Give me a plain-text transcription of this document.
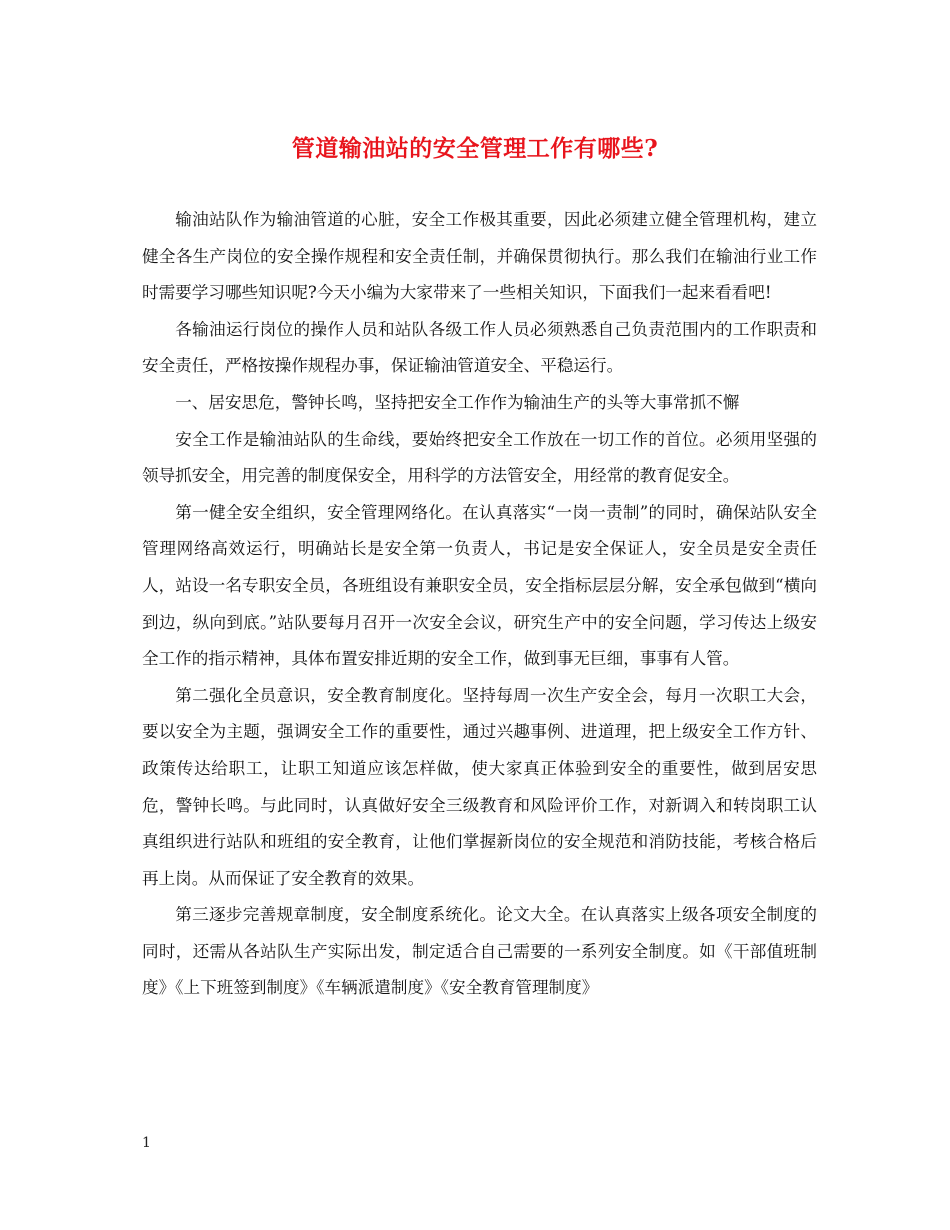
管道输油站的安全管理工作有哪些?

输油站队作为输油管道的心脏，安全工作极其重要，因此必须建立健全管理机构，建立健全各生产岗位的安全操作规程和安全责任制，并确保贯彻执行。那么我们在输油行业工作时需要学习哪些知识呢?今天小编为大家带来了一些相关知识，下面我们一起来看看吧!

各输油运行岗位的操作人员和站队各级工作人员必须熟悉自己负责范围内的工作职责和安全责任，严格按操作规程办事，保证输油管道安全、平稳运行。

一、居安思危，警钟长鸣，坚持把安全工作作为输油生产的头等大事常抓不懈

安全工作是输油站队的生命线，要始终把安全工作放在一切工作的首位。必须用坚强的领导抓安全，用完善的制度保安全，用科学的方法管安全，用经常的教育促安全。

第一健全安全组织，安全管理网络化。在认真落实“一岗一责制”的同时，确保站队安全管理网络高效运行，明确站长是安全第一负责人，书记是安全保证人，安全员是安全责任人，站设一名专职安全员，各班组设有兼职安全员，安全指标层层分解，安全承包做到“横向到边，纵向到底。”站队要每月召开一次安全会议，研究生产中的安全问题，学习传达上级安全工作的指示精神，具体布置安排近期的安全工作，做到事无巨细，事事有人管。

第二强化全员意识，安全教育制度化。坚持每周一次生产安全会，每月一次职工大会，要以安全为主题，强调安全工作的重要性，通过兴趣事例、进道理，把上级安全工作方针、政策传达给职工，让职工知道应该怎样做，使大家真正体验到安全的重要性，做到居安思危，警钟长鸣。与此同时，认真做好安全三级教育和风险评价工作，对新调入和转岗职工认真组织进行站队和班组的安全教育，让他们掌握新岗位的安全规范和消防技能，考核合格后再上岗。从而保证了安全教育的效果。

第三逐步完善规章制度，安全制度系统化。论文大全。在认真落实上级各项安全制度的同时，还需从各站队生产实际出发，制定适合自己需要的一系列安全制度。如《干部值班制度》《上下班签到制度》《车辆派遣制度》《安全教育管理制度》

1
